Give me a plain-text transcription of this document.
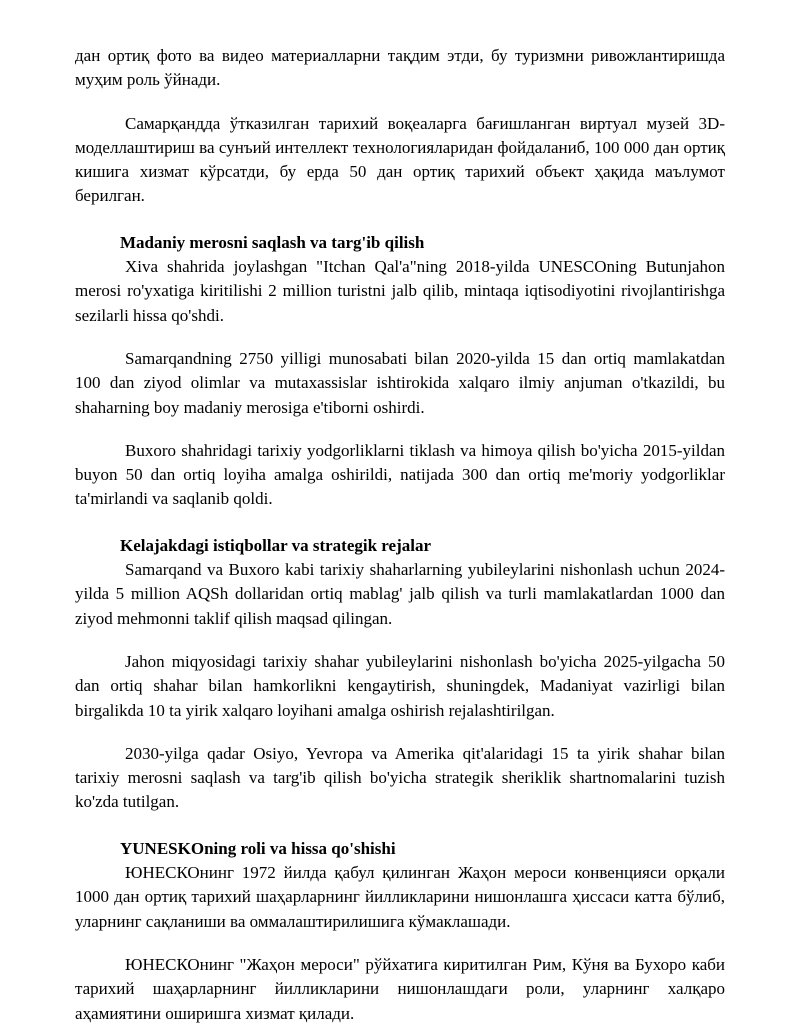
дан ортиқ фото ва видео материалларни тақдим этди, бу туризмни ривожлантиришда муҳим роль ўйнади.

Самарқандда ўтказилган тарихий воқеаларга бағишланган виртуал музей 3D-моделлаштириш ва сунъий интеллект технологияларидан фойдаланиб, 100 000 дан ортиқ кишига хизмат кўрсатди, бу ерда 50 дан ортиқ тарихий объект ҳақида маълумот берилган.

Madaniy merosni saqlash va targ'ib qilish

Xiva shahrida joylashgan "Itchan Qal'a"ning 2018-yilda UNESCOning Butunjahon merosi ro'yxatiga kiritilishi 2 million turistni jalb qilib, mintaqa iqtisodiyotini rivojlantirishga sezilarli hissa qo'shdi.

Samarqandning 2750 yilligi munosabati bilan 2020-yilda 15 dan ortiq mamlakatdan 100 dan ziyod olimlar va mutaxassislar ishtirokida xalqaro ilmiy anjuman o'tkazildi, bu shaharning boy madaniy merosiga e'tiborni oshirdi.

Buxoro shahridagi tarixiy yodgorliklarni tiklash va himoya qilish bo'yicha 2015-yildan buyon 50 dan ortiq loyiha amalga oshirildi, natijada 300 dan ortiq me'moriy yodgorliklar ta'mirlandi va saqlanib qoldi.

Kelajakdagi istiqbollar va strategik rejalar

Samarqand va Buxoro kabi tarixiy shaharlarning yubileylarini nishonlash uchun 2024-yilda 5 million AQSh dollaridan ortiq mablag' jalb qilish va turli mamlakatlardan 1000 dan ziyod mehmonni taklif qilish maqsad qilingan.

Jahon miqyosidagi tarixiy shahar yubileylarini nishonlash bo'yicha 2025-yilgacha 50 dan ortiq shahar bilan hamkorlikni kengaytirish, shuningdek, Madaniyat vazirligi bilan birgalikda 10 ta yirik xalqaro loyihani amalga oshirish rejalashtirilgan.

2030-yilga qadar Osiyo, Yevropa va Amerika qit'alaridagi 15 ta yirik shahar bilan tarixiy merosni saqlash va targ'ib qilish bo'yicha strategik sheriklik shartnomalarini tuzish ko'zda tutilgan.

YUNESKOning roli va hissa qo'shishi

ЮНЕСКОнинг 1972 йилда қабул қилинган Жаҳон мероси конвенцияси орқали 1000 дан ортиқ тарихий шаҳарларнинг йилликларини нишонлашга ҳиссаси катта бўлиб, уларнинг сақланиши ва оммалаштирилишига кўмаклашади.

ЮНЕСКОнинг "Жаҳон мероси" рўйхатига киритилган Рим, Кўня ва Бухоро каби тарихий шаҳарларнинг йилликларини нишонлашдаги роли, уларнинг халқаро аҳамиятини оширишга хизмат қилади.
